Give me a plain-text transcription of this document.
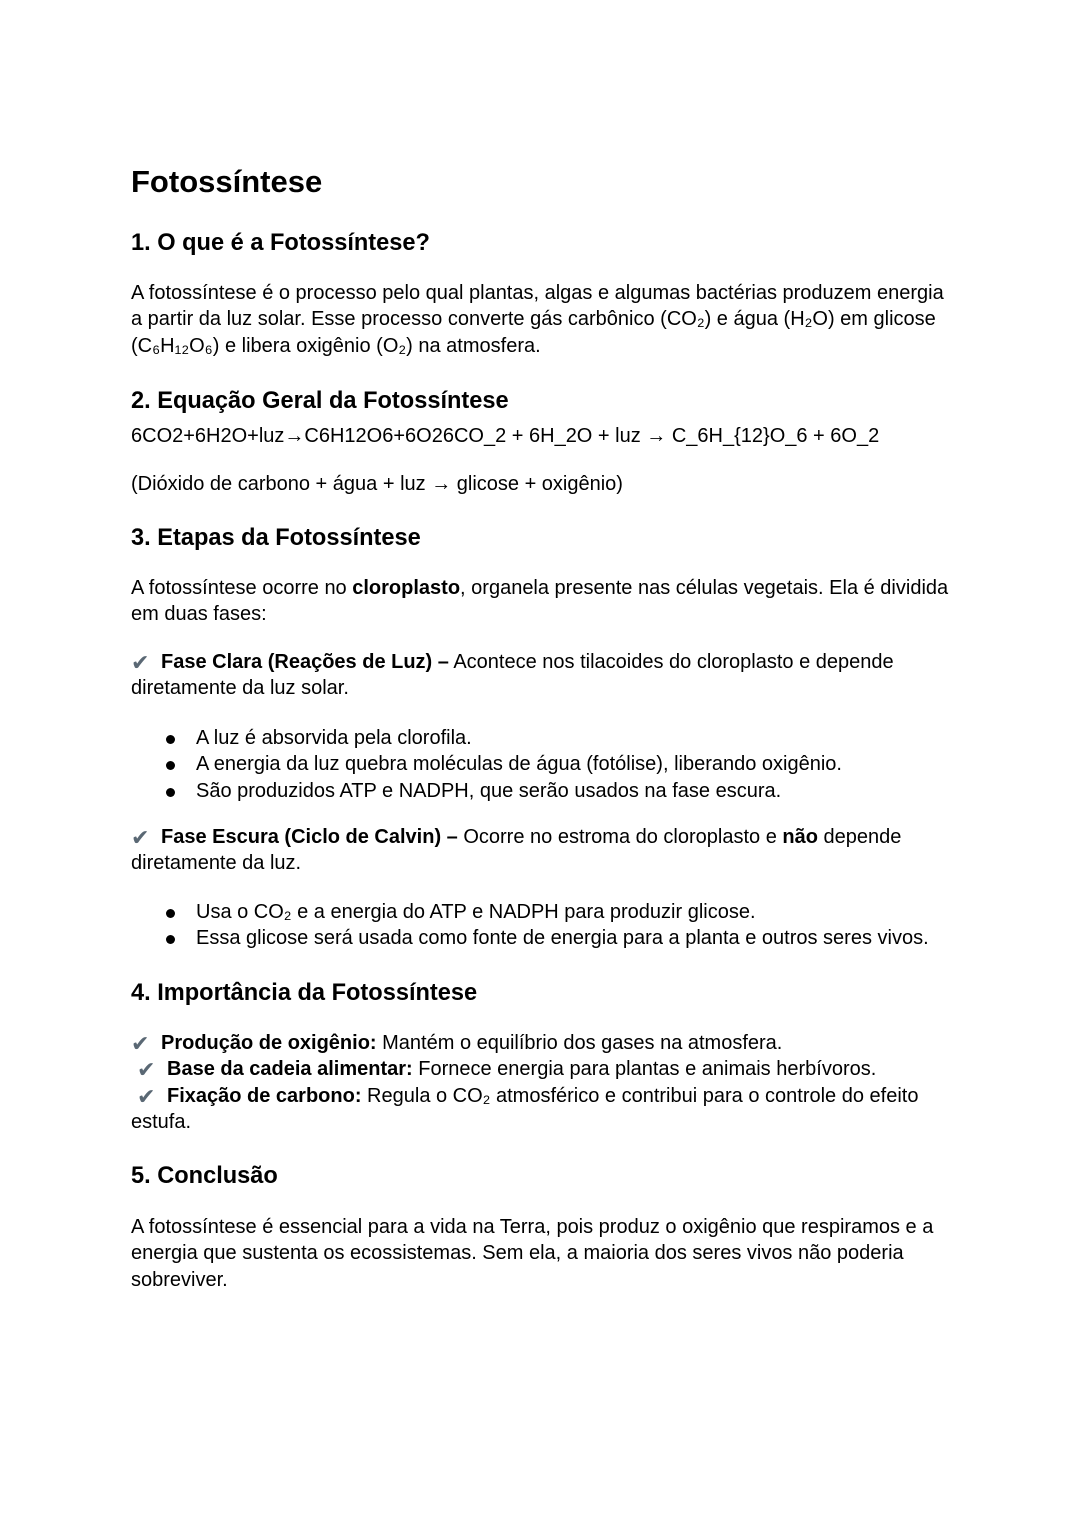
Fotossíntese
1. O que é a Fotossíntese?
A fotossíntese é o processo pelo qual plantas, algas e algumas bactérias produzem energia
a partir da luz solar. Esse processo converte gás carbônico (CO₂) e água (H₂O) em glicose
(C₆H₁₂O₆) e libera oxigênio (O₂) na atmosfera.
2. Equação Geral da Fotossíntese
6CO2+6H2O+luz→C6H12O6+6O26CO_2 + 6H_2O + luz → C_6H_{12}O_6 + 6O_2
(Dióxido de carbono + água + luz → glicose + oxigênio)
3. Etapas da Fotossíntese
A fotossíntese ocorre no cloroplasto, organela presente nas células vegetais. Ela é dividida
em duas fases:
✔ Fase Clara (Reações de Luz) – Acontece nos tilacoides do cloroplasto e depende
diretamente da luz solar.
A luz é absorvida pela clorofila.
A energia da luz quebra moléculas de água (fotólise), liberando oxigênio.
São produzidos ATP e NADPH, que serão usados na fase escura.
✔ Fase Escura (Ciclo de Calvin) – Ocorre no estroma do cloroplasto e não depende
diretamente da luz.
Usa o CO₂ e a energia do ATP e NADPH para produzir glicose.
Essa glicose será usada como fonte de energia para a planta e outros seres vivos.
4. Importância da Fotossíntese
✔ Produção de oxigênio: Mantém o equilíbrio dos gases na atmosfera.
✔ Base da cadeia alimentar: Fornece energia para plantas e animais herbívoros.
✔ Fixação de carbono: Regula o CO₂ atmosférico e contribui para o controle do efeito
estufa.
5. Conclusão
A fotossíntese é essencial para a vida na Terra, pois produz o oxigênio que respiramos e a
energia que sustenta os ecossistemas. Sem ela, a maioria dos seres vivos não poderia
sobreviver.
